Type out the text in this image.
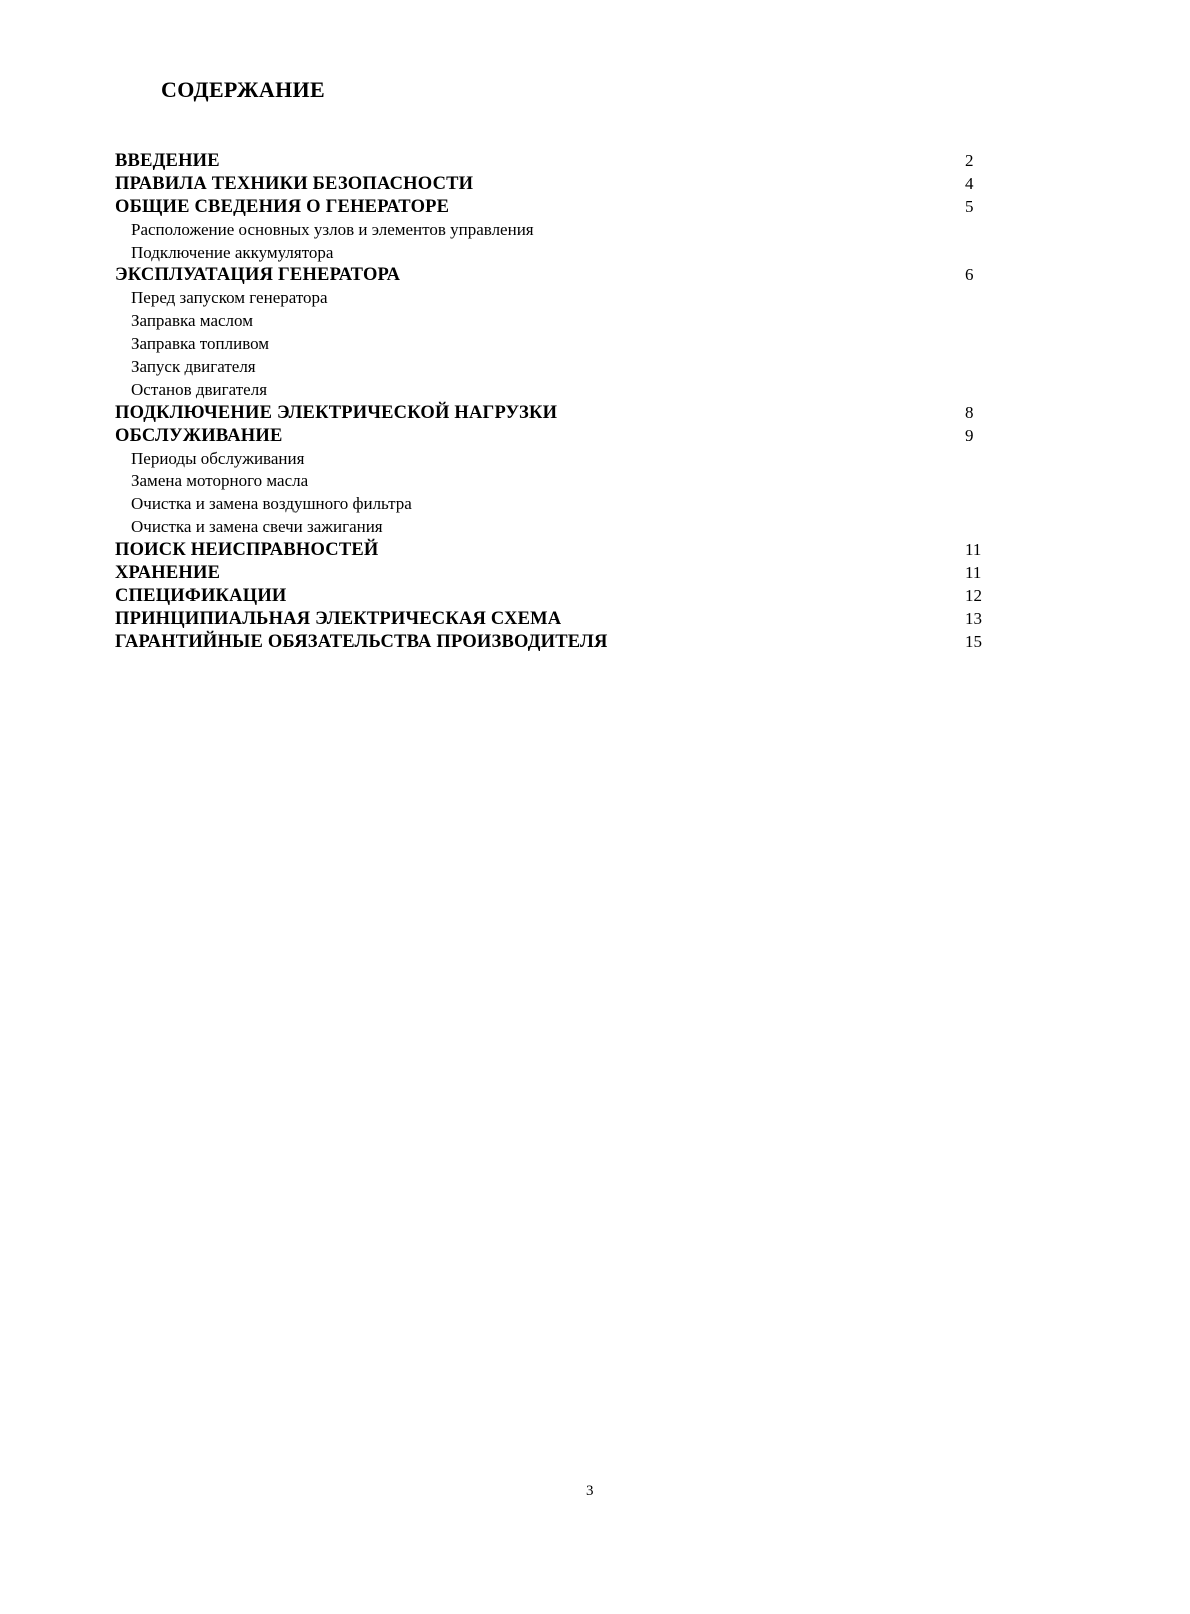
СОДЕРЖАНИЕ
ВВЕДЕНИЕ	2
ПРАВИЛА ТЕХНИКИ БЕЗОПАСНОСТИ	4
ОБЩИЕ СВЕДЕНИЯ О ГЕНЕРАТОРЕ	5
Расположение основных узлов и элементов управления
Подключение аккумулятора
ЭКСПЛУАТАЦИЯ ГЕНЕРАТОРА	6
Перед запуском генератора
Заправка маслом
Заправка топливом
Запуск двигателя
Останов двигателя
ПОДКЛЮЧЕНИЕ ЭЛЕКТРИЧЕСКОЙ НАГРУЗКИ	8
ОБСЛУЖИВАНИЕ	9
Периоды обслуживания
Замена моторного масла
Очистка и замена воздушного фильтра
Очистка и замена свечи зажигания
ПОИСК НЕИСПРАВНОСТЕЙ	11
ХРАНЕНИЕ	11
СПЕЦИФИКАЦИИ	12
ПРИНЦИПИАЛЬНАЯ ЭЛЕКТРИЧЕСКАЯ СХЕМА	13
ГАРАНТИЙНЫЕ ОБЯЗАТЕЛЬСТВА ПРОИЗВОДИТЕЛЯ	15
3
